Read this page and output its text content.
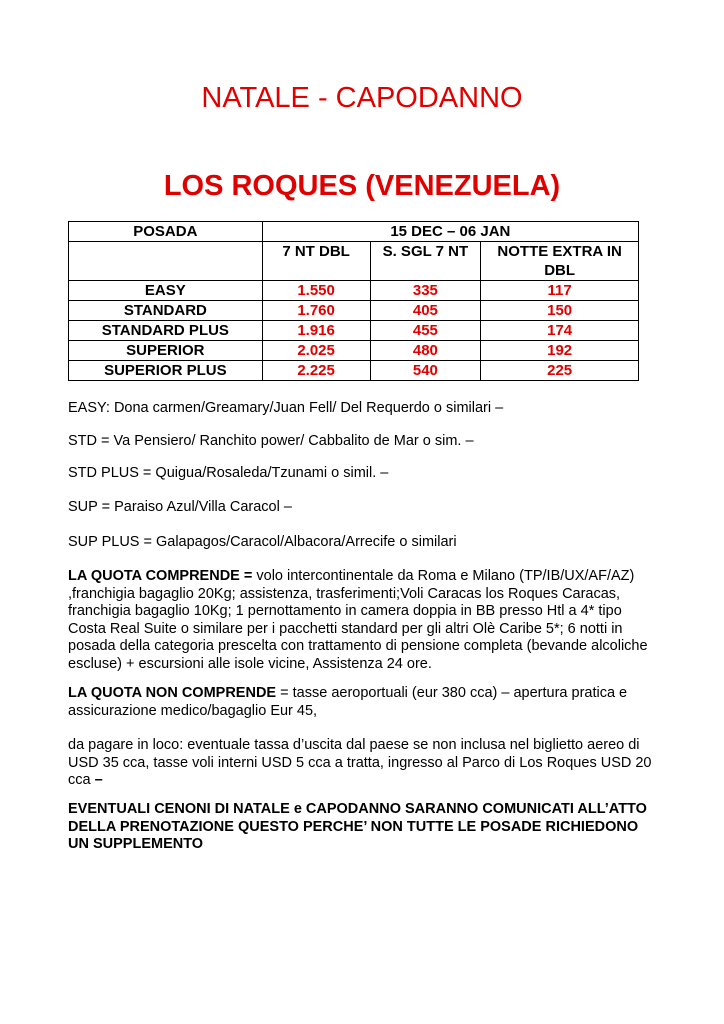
NATALE - CAPODANNO
LOS ROQUES (VENEZUELA)
POSADA	15 DEC – 06 JAN		
	7 NT DBL	S. SGL 7 NT	NOTTE EXTRA IN DBL
EASY	1.550	335	117
STANDARD	1.760	405	150
STANDARD PLUS	1.916	455	174
SUPERIOR	2.025	480	192
SUPERIOR PLUS	2.225	540	225

EASY: Dona carmen/Greamary/Juan Fell/ Del Requerdo o similari –

STD = Va Pensiero/ Ranchito power/ Cabbalito de Mar o sim. –

STD PLUS = Quigua/Rosaleda/Tzunami o simil. –

SUP = Paraiso Azul/Villa Caracol –

SUP PLUS = Galapagos/Caracol/Albacora/Arrecife o similari

LA QUOTA COMPRENDE = volo intercontinentale da Roma e Milano (TP/IB/UX/AF/AZ) ,franchigia bagaglio 20Kg; assistenza, trasferimenti;Voli Caracas los Roques Caracas, franchigia bagaglio 10Kg; 1 pernottamento in camera doppia in BB presso Htl a 4* tipo Costa Real Suite o similare per i pacchetti standard per gli altri Olè Caribe 5*; 6 notti in posada della categoria prescelta con trattamento di pensione completa (bevande alcoliche escluse) + escursioni alle isole vicine, Assistenza 24 ore.

LA QUOTA NON COMPRENDE = tasse aeroportuali (eur 380 cca) – apertura pratica e assicurazione medico/bagaglio Eur 45,

da pagare in loco: eventuale tassa d’uscita dal paese se non inclusa nel biglietto aereo di USD 35 cca, tasse voli interni USD 5 cca a tratta, ingresso al Parco di Los Roques USD 20 cca –

EVENTUALI CENONI DI NATALE e CAPODANNO SARANNO COMUNICATI ALL’ATTO DELLA PRENOTAZIONE QUESTO PERCHE’ NON TUTTE LE POSADE RICHIEDONO UN SUPPLEMENTO
